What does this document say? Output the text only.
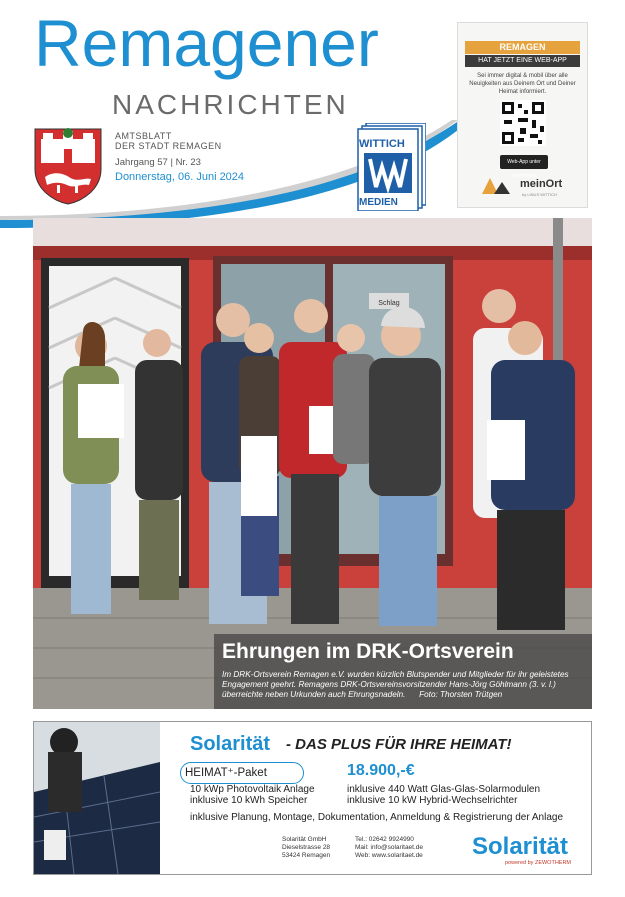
Remagener
NACHRICHTEN
AMTSBLATT
DER STADT REMAGEN
Jahrgang 57 | Nr. 23
Donnerstag, 06. Juni 2024
WITTICH
MEDIEN
REMAGEN
HAT JETZT EINE WEB-APP
Sei immer digital & mobil über alle Neuigkeiten aus Deinem Ort und Deiner Heimat informiert.
Web-App unter meinort.app
meinOrt
by LINUS WITTICH
Schlag
Ehrungen im DRK-Ortsverein
Im DRK-Ortsverein Remagen e.V. wurden kürzlich Blutspender und Mitglieder für ihr geleistetes Engagement geehrt. Remagens DRK-Ortsvereinsvorsitzender Hans-Jörg Göhlmann (3. v. l.) überreichte neben Urkunden auch Ehrungsnadeln. Foto: Thorsten Trütgen
Solarität - DAS PLUS FÜR IHRE HEIMAT!
HEIMAT⁺-Paket	18.900,-€
10 kWp Photovoltaik Anlage
inklusive 10 kWh Speicher
inklusive 440 Watt Glas-Glas-Solarmodulen
inklusive 10 kW Hybrid-Wechselrichter
inklusive Planung, Montage, Dokumentation, Anmeldung & Registrierung der Anlage
Solarität GmbH
Dieselstrasse 28
53424 Remagen
Tel.: 02642 9924990
Mail: info@solaritaet.de
Web: www.solaritaet.de Solarität
powered by ZEWOTHERM
